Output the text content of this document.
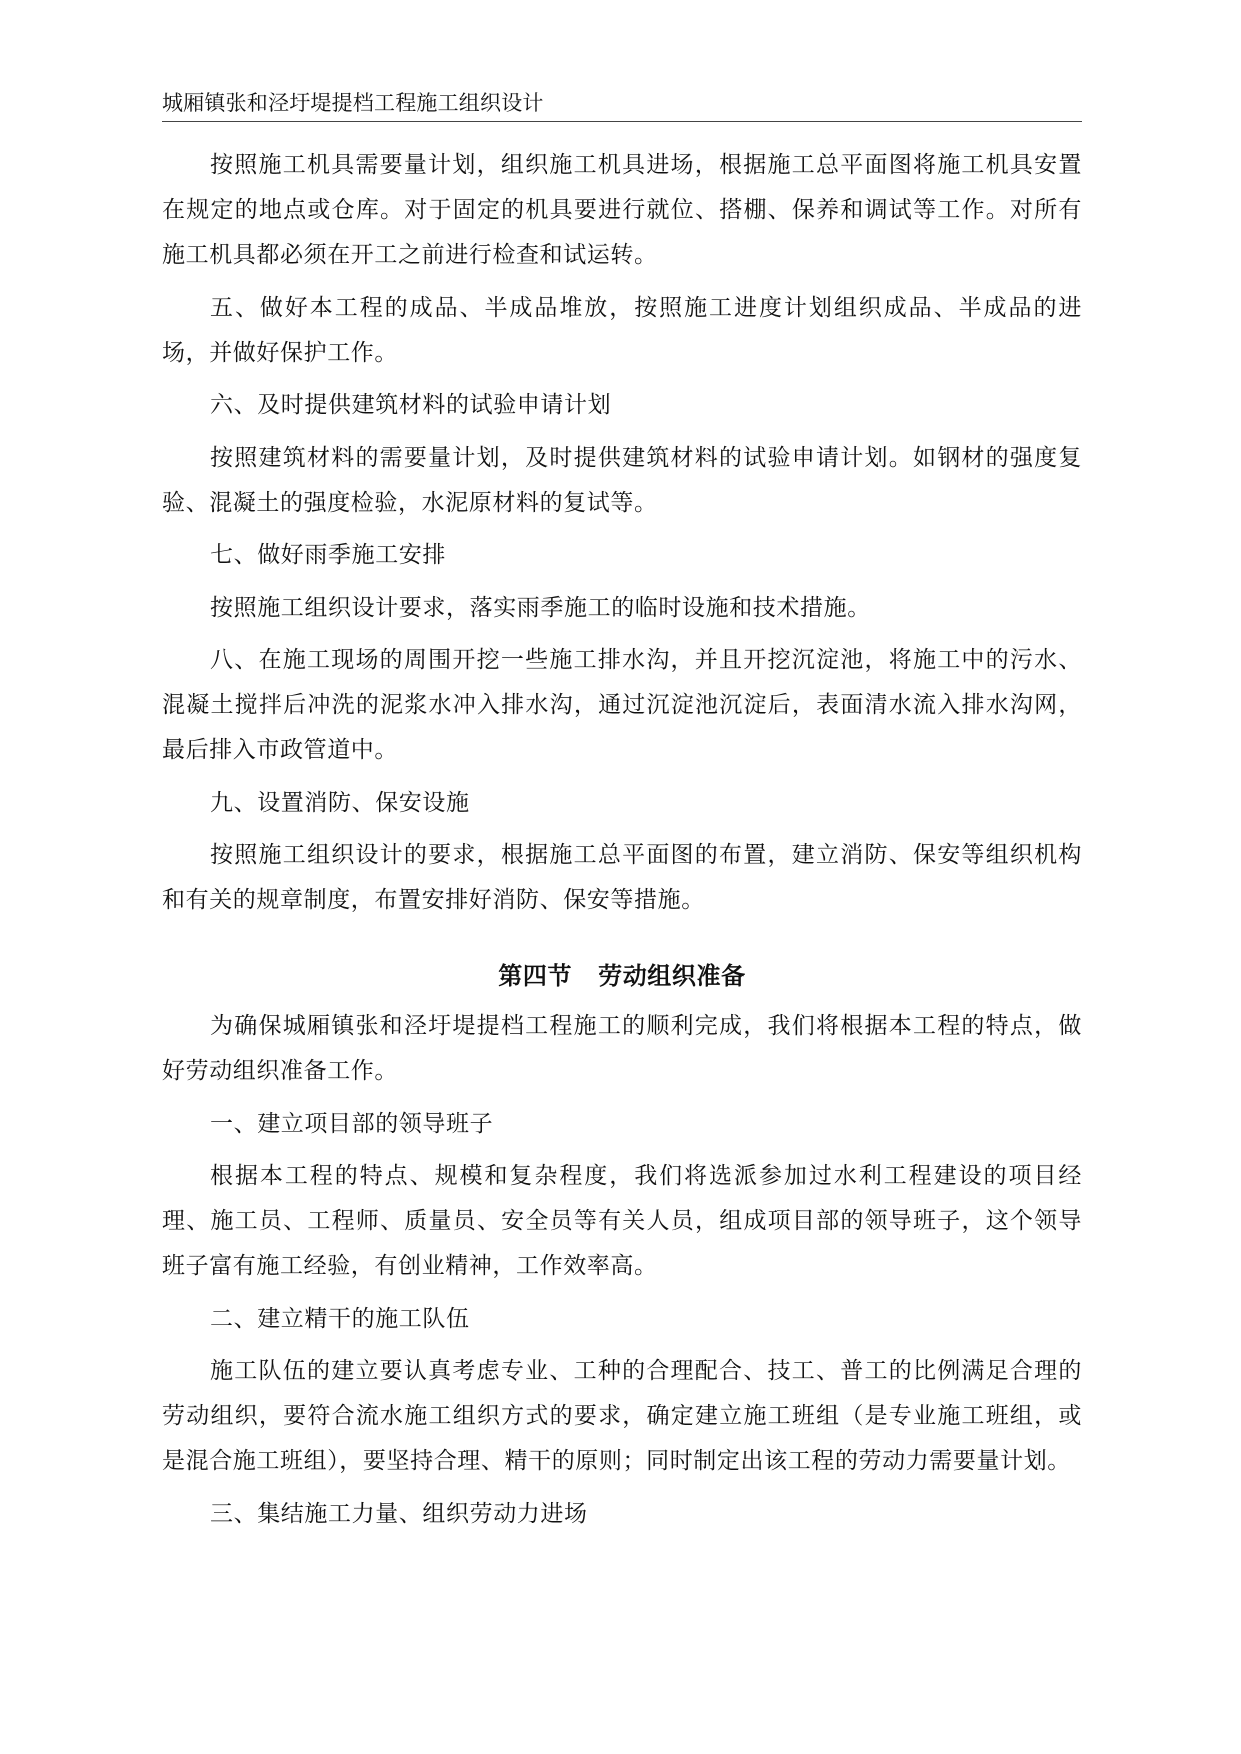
城厢镇张和泾圩堤提档工程施工组织设计

按照施工机具需要量计划，组织施工机具进场，根据施工总平面图将施工机具安置在规定的地点或仓库。对于固定的机具要进行就位、搭棚、保养和调试等工作。对所有施工机具都必须在开工之前进行检查和试运转。

五、做好本工程的成品、半成品堆放，按照施工进度计划组织成品、半成品的进场，并做好保护工作。

六、及时提供建筑材料的试验申请计划

按照建筑材料的需要量计划，及时提供建筑材料的试验申请计划。如钢材的强度复验、混凝土的强度检验，水泥原材料的复试等。

七、做好雨季施工安排

按照施工组织设计要求，落实雨季施工的临时设施和技术措施。

八、在施工现场的周围开挖一些施工排水沟，并且开挖沉淀池，将施工中的污水、混凝土搅拌后冲洗的泥浆水冲入排水沟，通过沉淀池沉淀后，表面清水流入排水沟网，最后排入市政管道中。

九、设置消防、保安设施

按照施工组织设计的要求，根据施工总平面图的布置，建立消防、保安等组织机构和有关的规章制度，布置安排好消防、保安等措施。

第四节 劳动组织准备

为确保城厢镇张和泾圩堤提档工程施工的顺利完成，我们将根据本工程的特点，做好劳动组织准备工作。

一、建立项目部的领导班子

根据本工程的特点、规模和复杂程度，我们将选派参加过水利工程建设的项目经理、施工员、工程师、质量员、安全员等有关人员，组成项目部的领导班子，这个领导班子富有施工经验，有创业精神，工作效率高。

二、建立精干的施工队伍

施工队伍的建立要认真考虑专业、工种的合理配合、技工、普工的比例满足合理的劳动组织，要符合流水施工组织方式的要求，确定建立施工班组（是专业施工班组，或是混合施工班组），要坚持合理、精干的原则；同时制定出该工程的劳动力需要量计划。

三、集结施工力量、组织劳动力进场
